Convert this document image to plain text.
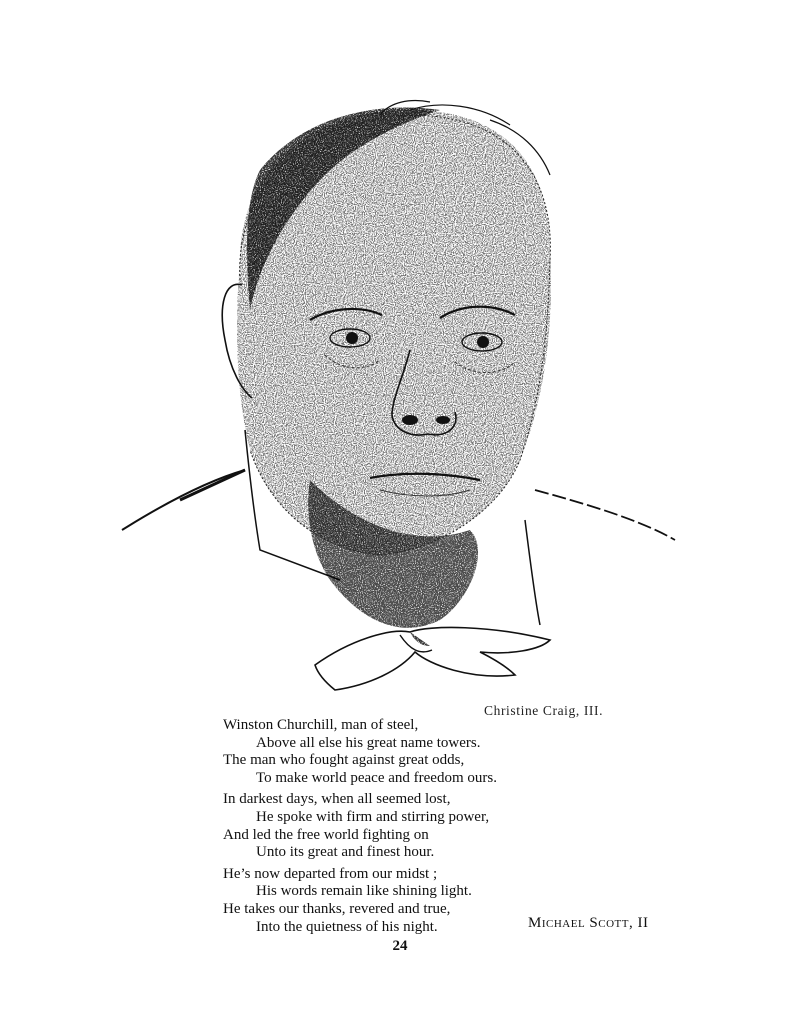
Christine Craig, III.
Winston Churchill, man of steel,
Above all else his great name towers.
The man who fought against great odds,
To make world peace and freedom ours.
In darkest days, when all seemed lost,
He spoke with firm and stirring power,
And led the free world fighting on
Unto its great and finest hour.
He’s now departed from our midst ;
His words remain like shining light.
He takes our thanks, revered and true,
Into the quietness of his night.	Michael Scott, II
24
